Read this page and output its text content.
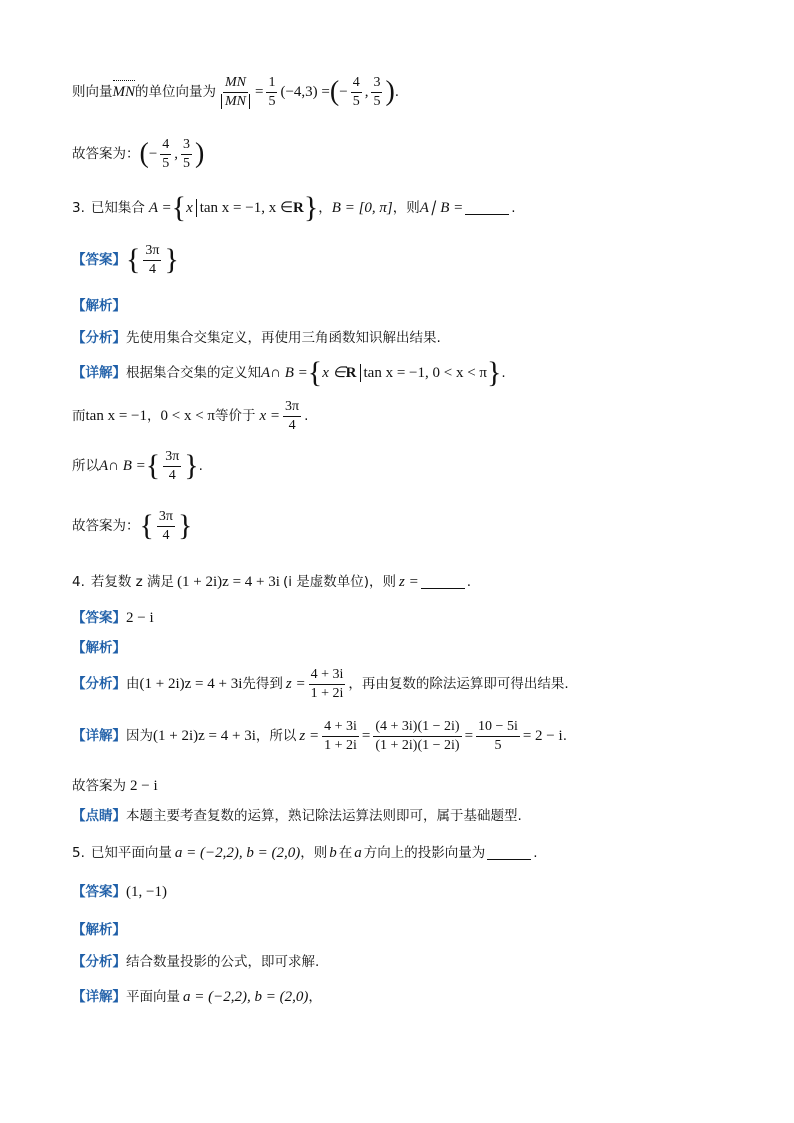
则向量 MN 的单位向量为 $\frac{MN}{MN} = \frac{1}{5} (-4,3)$ = ( − $\frac{4}{5}$ , $\frac{3}{5}$ ) .
故答案为： ( − $\frac{4}{5}$ , $\frac{3}{5}$ )
3. 已知集合 A = { x tan x = −1, x ∈ R } ， B = [0, π] ，则 A∣ B =	.
【答案】 { $\frac{3\pi}{4}$ }
【解析】
【分析】 先使用集合交集定义，再使用三角函数知识解出结果.
【详解】 根据集合交集的定义知 A∩ B = { x ∈ R tan x = −1, 0 < x < π } .
而 tan x = −1 ， 0 < x < π 等价于 $x = \frac{3\pi}{4}$ .
所以 A∩ B = { $\frac{3\pi}{4}$ } .
故答案为： { $\frac{3\pi}{4}$ }
4. 若复数 z 满足 (1 + 2i)z = 4 + 3i (i 是虚数单位)，则 z =	.
【答案】 2 − i
【解析】
【分析】 由 (1 + 2i)z = 4 + 3i 先得到 $z = \frac{4 + 3i}{1 + 2i}$ ，再由复数的除法运算即可得出结果.
【详解】 因为 (1 + 2i)z = 4 + 3i ，所以 $z = \frac{4 + 3i}{1 + 2i} = \frac{(4 + 3i)(1 - 2i)}{(1 + 2i)(1 - 2i)} = \frac{10 - 5i}{5} = 2 - i$ .
故答案为 2 − i
【点睛】 本题主要考查复数的运算，熟记除法运算法则即可，属于基础题型.
5. 已知平面向量 a = (−2,2), b = (2,0) ，则 b 在 a 方向上的投影向量为	.
【答案】 (1, −1)
【解析】
【分析】 结合数量投影的公式，即可求解.
【详解】 平面向量 a = (−2,2), b = (2,0) ，
